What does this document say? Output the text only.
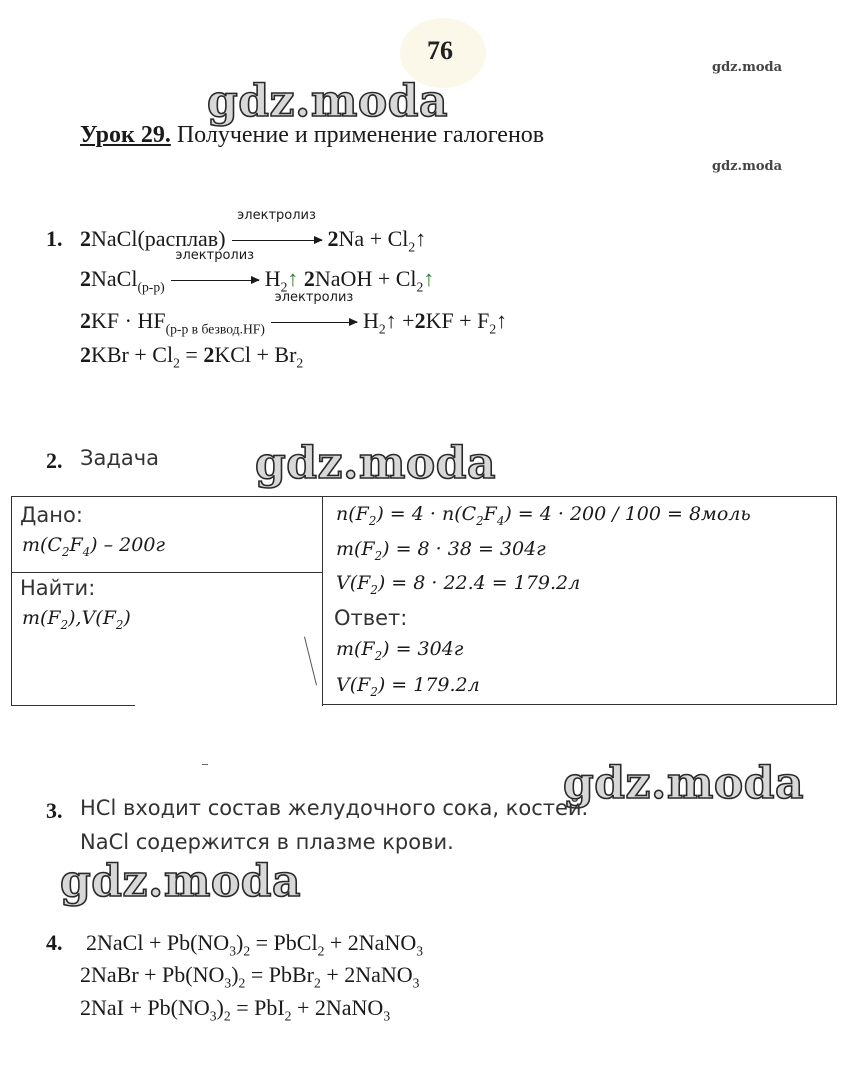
76
gdz.moda
gdz.moda
gdz.moda
gdz.moda
gdz.moda
gdz.moda
Урок 29. Получение и применение галогенов
1. 2NaCl(расплав)
электролиз
$2Na + Cl_2↑$
2NaCl$_{(р-р)}$
электролиз
$H_2↑$ 2NaOH + $Cl_2↑$
$2KF \cdot HF_{(р-р в безвод.HF)}$
электролиз
$H_2↑ +2KF$ + $F_2↑$
$2KBr + Cl_2 = 2KCl + Br_2$
2. Задача
Дано:
$m(C_2F_4) - 200г$
Найти:
$m(F_2),V(F_2)$
$n(F_2) = 4 \cdot n(C_2F_4) = 4 \cdot 200 / 100$ = 8моль
$m(F_2) = 8 \cdot 38 = 304г$
$V(F_2) = 8 \cdot 22.4 = 179.2л$
Ответ:
$m(F_2) = 304г$
$V(F_2) = 179.2л$
3. HCl входит состав желудочного сока, костей.
NaCl содержится в плазме крови.
4. 2NaCl + $Pb(NO_3)_2$ = PbCl$_2$ + 2NaNO$_3$
2NaBr + $Pb(NO_3)_2$ = PbBr$_2$ + 2NaNO$_3$
$2NaI + Pb(NO_3)_2 = PbI_2$ + 2NaNO$_3$
